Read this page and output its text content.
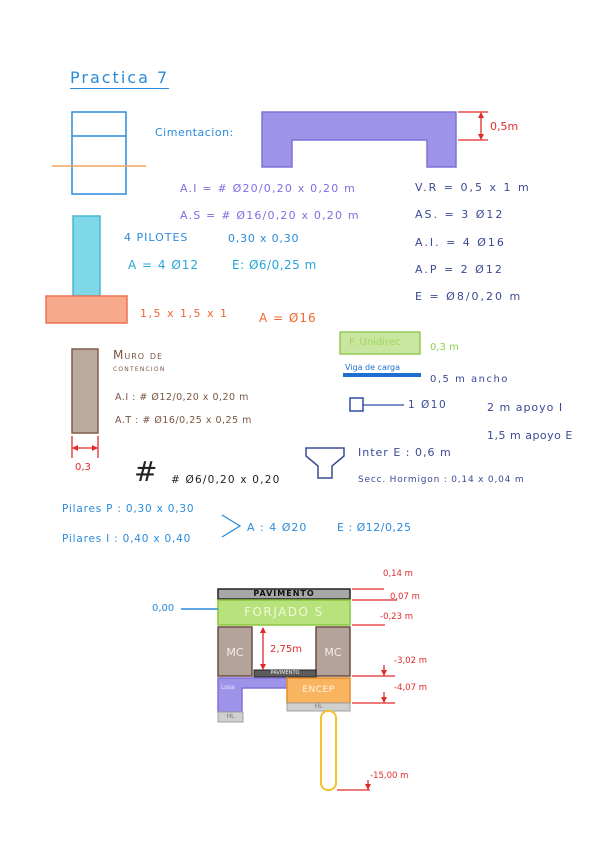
Practica 7
Cimentacion:	0,5m
A.I = # Ø20/0,20 x 0,20 m
A.S = # Ø16/0,20 x 0,20 m
V.R = 0,5 x 1 m
AS. = 3 Ø12
A.I. = 4 Ø16
A.P = 2 Ø12
E = Ø8/0,20 m
4 PILOTES	0,30 x 0,30
A = 4 Ø12	E: Ø6/0,25 m
1,5 x 1,5 x 1	A = Ø16
Muro de
contencion
A.I : # Ø12/0,20 x 0,20 m
A.T : # Ø16/0,25 x 0,25 m
0,3
F. Unidirec	0,3 m
Viga de carga
0,5 m ancho
1 Ø10	2 m apoyo I
1,5 m apoyo E
# # Ø6/0,20 x 0,20
Inter E : 0,6 m
Secc. Hormigon : 0,14 x 0,04 m
Pilares P : 0,30 x 0,30
Pilares I : 0,40 x 0,40
A : 4 Ø20	E : Ø12/0,25
PAVIMENTO
FORJADO S
0,00
MC	MC
2,75m
PAVIMENTO
Losa
HL
ENCEP
HL
0,14 m
0,07 m
-0,23 m
-3,02 m
-4,07 m
-15,00 m
